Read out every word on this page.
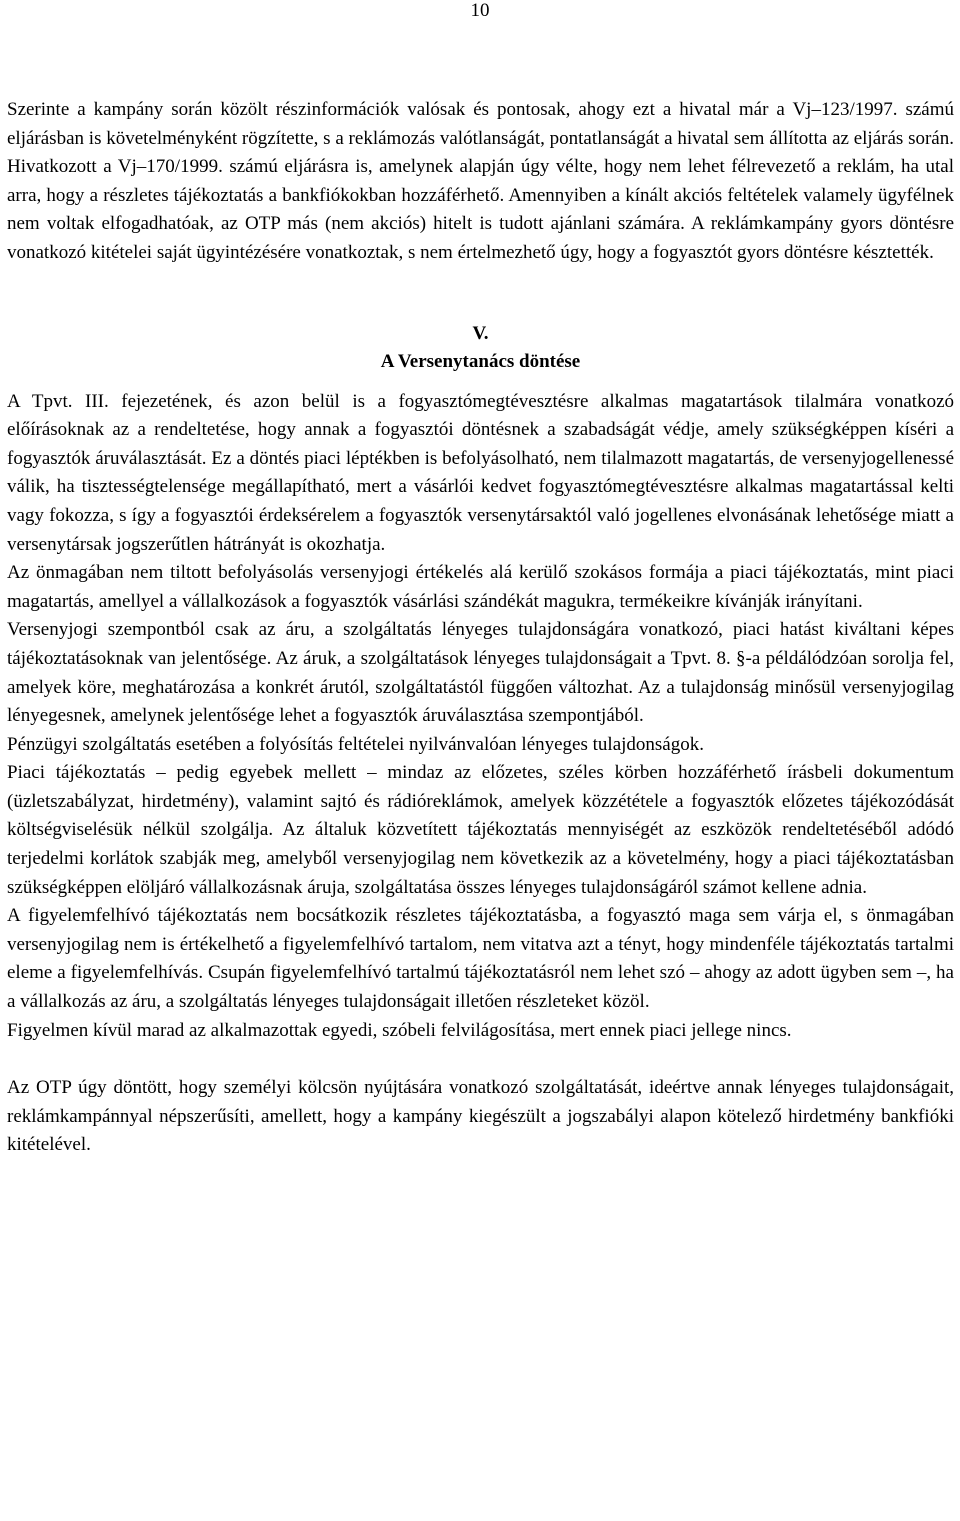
10

Szerinte a kampány során közölt részinformációk valósak és pontosak, ahogy ezt a hivatal már a Vj–123/1997. számú eljárásban is követelményként rögzítette, s a reklámozás valótlanságát, pontatlanságát a hivatal sem állította az eljárás során. Hivatkozott a Vj–170/1999. számú eljárásra is, amelynek alapján úgy vélte, hogy nem lehet félrevezető a reklám, ha utal arra, hogy a részletes tájékoztatás a bankfiókokban hozzáférhető. Amennyiben a kínált akciós feltételek valamely ügyfélnek nem voltak elfogadhatóak, az OTP más (nem akciós) hitelt is tudott ajánlani számára. A reklámkampány gyors döntésre vonatkozó kitételei saját ügyintézésére vonatkoztak, s nem értelmezhető úgy, hogy a fogyasztót gyors döntésre késztették.

V.
A Versenytanács döntése

A Tpvt. III. fejezetének, és azon belül is a fogyasztómegtévesztésre alkalmas magatartások tilalmára vonatkozó előírásoknak az a rendeltetése, hogy annak a fogyasztói döntésnek a szabadságát védje, amely szükségképpen kíséri a fogyasztók áruválasztását. Ez a döntés piaci léptékben is befolyásolható, nem tilalmazott magatartás, de versenyjogellenessé válik, ha tisztességtelensége megállapítható, mert a vásárlói kedvet fogyasztómegtévesztésre alkalmas magatartással kelti vagy fokozza, s így a fogyasztói érdeksérelem a fogyasztók versenytársaktól való jogellenes elvonásának lehetősége miatt a versenytársak jogszerűtlen hátrányát is okozhatja.

Az önmagában nem tiltott befolyásolás versenyjogi értékelés alá kerülő szokásos formája a piaci tájékoztatás, mint piaci magatartás, amellyel a vállalkozások a fogyasztók vásárlási szándékát magukra, termékeikre kívánják irányítani.

Versenyjogi szempontból csak az áru, a szolgáltatás lényeges tulajdonságára vonatkozó, piaci hatást kiváltani képes tájékoztatásoknak van jelentősége. Az áruk, a szolgáltatások lényeges tulajdonságait a Tpvt. 8. §-a példálódzóan sorolja fel, amelyek köre, meghatározása a konkrét árutól, szolgáltatástól függően változhat. Az a tulajdonság minősül versenyjogilag lényegesnek, amelynek jelentősége lehet a fogyasztók áruválasztása szempontjából.

Pénzügyi szolgáltatás esetében a folyósítás feltételei nyilvánvalóan lényeges tulajdonságok.

Piaci tájékoztatás – pedig egyebek mellett – mindaz az előzetes, széles körben hozzáférhető írásbeli dokumentum (üzletszabályzat, hirdetmény), valamint sajtó és rádióreklámok, amelyek közzététele a fogyasztók előzetes tájékozódását költségviselésük nélkül szolgálja. Az általuk közvetített tájékoztatás mennyiségét az eszközök rendeltetéséből adódó terjedelmi korlátok szabják meg, amelyből versenyjogilag nem következik az a követelmény, hogy a piaci tájékoztatásban szükségképpen elöljáró vállalkozásnak áruja, szolgáltatása összes lényeges tulajdonságáról számot kellene adnia.

A figyelemfelhívó tájékoztatás nem bocsátkozik részletes tájékoztatásba, a fogyasztó maga sem várja el, s önmagában versenyjogilag nem is értékelhető a figyelemfelhívó tartalom, nem vitatva azt a tényt, hogy mindenféle tájékoztatás tartalmi eleme a figyelemfelhívás. Csupán figyelemfelhívó tartalmú tájékoztatásról nem lehet szó – ahogy az adott ügyben sem –, ha a vállalkozás az áru, a szolgáltatás lényeges tulajdonságait illetően részleteket közöl.

Figyelmen kívül marad az alkalmazottak egyedi, szóbeli felvilágosítása, mert ennek piaci jellege nincs.

Az OTP úgy döntött, hogy személyi kölcsön nyújtására vonatkozó szolgáltatását, ideértve annak lényeges tulajdonságait, reklámkampánnyal népszerűsíti, amellett, hogy a kampány kiegészült a jogszabályi alapon kötelező hirdetmény bankfióki kitételével.
